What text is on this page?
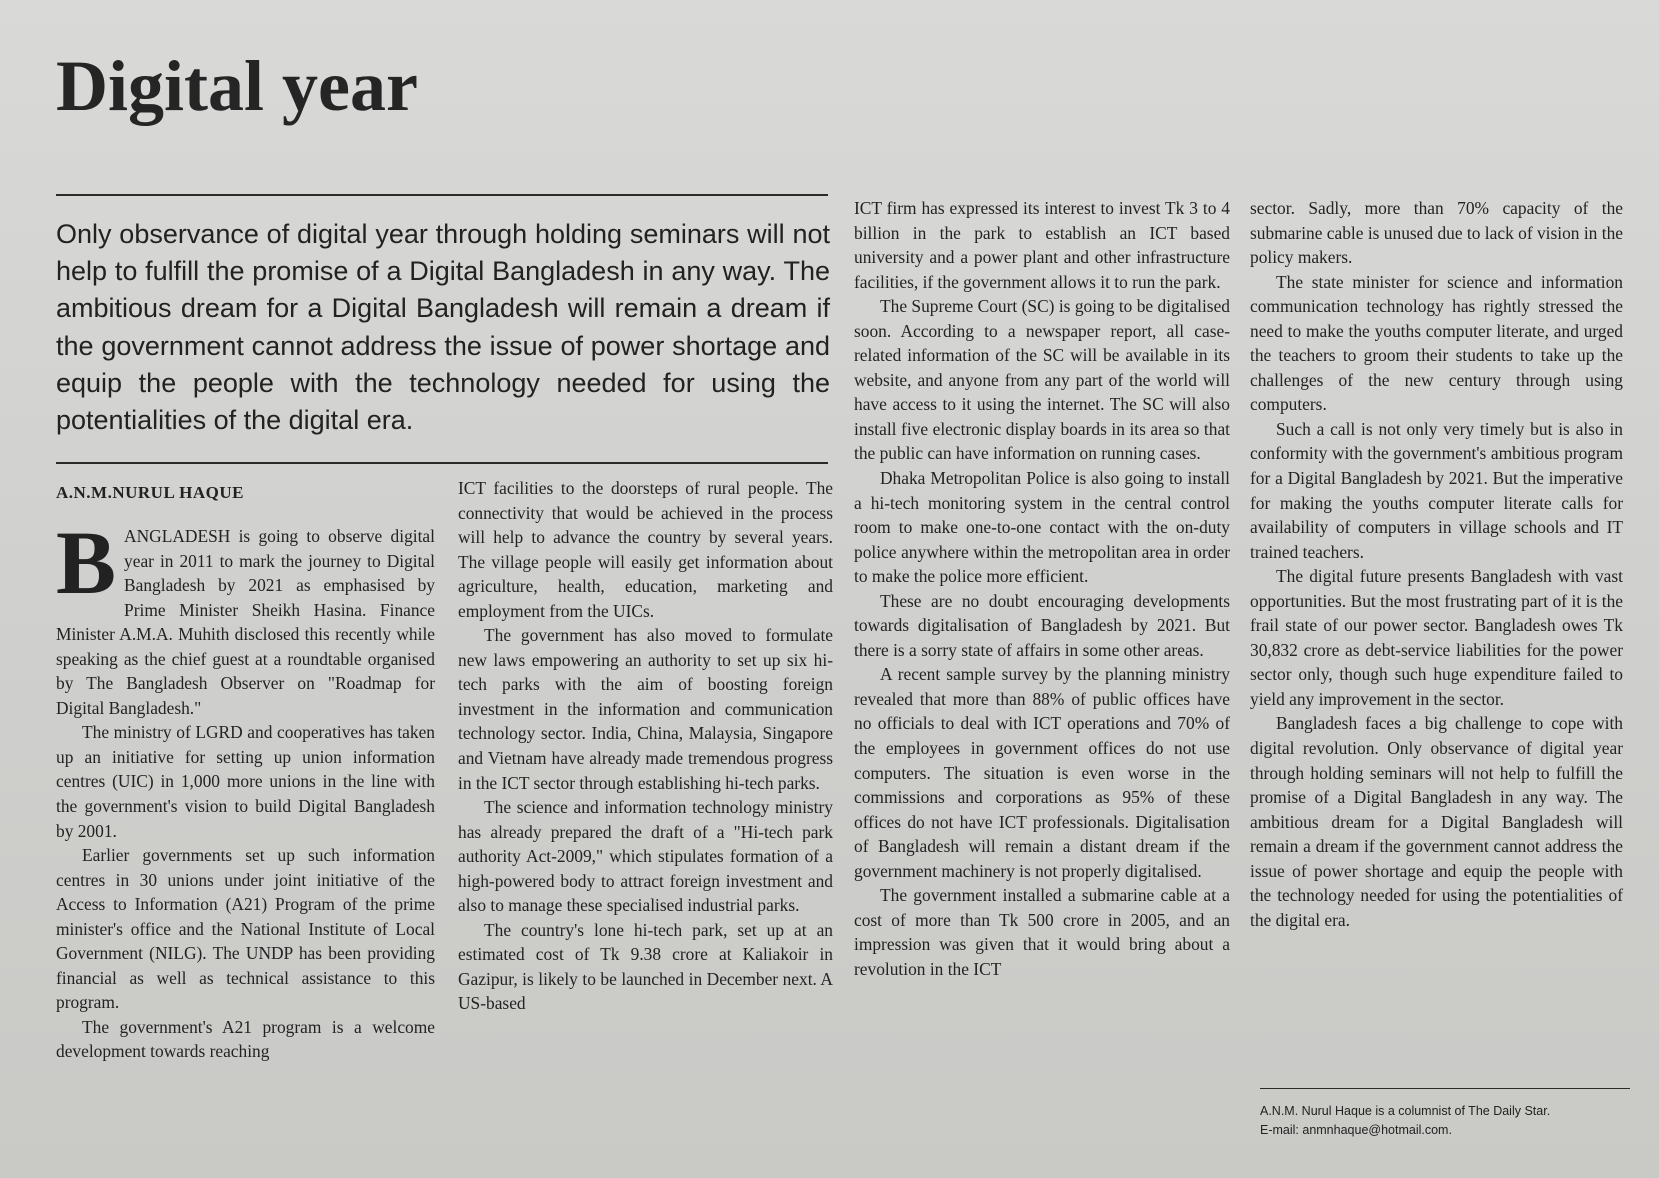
Digital year
Only observance of digital year through holding seminars will not help to fulfill the promise of a Digital Bangladesh in any way. The ambitious dream for a Digital Bangladesh will remain a dream if the government cannot address the issue of power shortage and equip the people with the technology needed for using the potentialities of the digital era.
A.N.M.NURUL HAQUE

BANGLADESH is going to observe digital year in 2011 to mark the journey to Digital Bangladesh by 2021 as emphasised by Prime Minister Sheikh Hasina. Finance Minister A.M.A. Muhith disclosed this recently while speaking as the chief guest at a roundtable organised by The Bangladesh Observer on "Roadmap for Digital Bangladesh."

The ministry of LGRD and cooperatives has taken up an initiative for setting up union information centres (UIC) in 1,000 more unions in the line with the government's vision to build Digital Bangladesh by 2001.

Earlier governments set up such information centres in 30 unions under joint initiative of the Access to Information (A21) Program of the prime minister's office and the National Institute of Local Government (NILG). The UNDP has been providing financial as well as technical assistance to this program.

The government's A21 program is a welcome development towards reaching

ICT facilities to the doorsteps of rural people. The connectivity that would be achieved in the process will help to advance the country by several years. The village people will easily get information about agriculture, health, education, marketing and employment from the UICs.

The government has also moved to formulate new laws empowering an authority to set up six hi-tech parks with the aim of boosting foreign investment in the information and communication technology sector. India, China, Malaysia, Singapore and Vietnam have already made tremendous progress in the ICT sector through establishing hi-tech parks.

The science and information technology ministry has already prepared the draft of a "Hi-tech park authority Act-2009," which stipulates formation of a high-powered body to attract foreign investment and also to manage these specialised industrial parks.

The country's lone hi-tech park, set up at an estimated cost of Tk 9.38 crore at Kaliakoir in Gazipur, is likely to be launched in December next. A US-based

ICT firm has expressed its interest to invest Tk 3 to 4 billion in the park to establish an ICT based university and a power plant and other infrastructure facilities, if the government allows it to run the park.

The Supreme Court (SC) is going to be digitalised soon. According to a newspaper report, all case-related information of the SC will be available in its website, and anyone from any part of the world will have access to it using the internet. The SC will also install five electronic display boards in its area so that the public can have information on running cases.

Dhaka Metropolitan Police is also going to install a hi-tech monitoring system in the central control room to make one-to-one contact with the on-duty police anywhere within the metropolitan area in order to make the police more efficient.

These are no doubt encouraging developments towards digitalisation of Bangladesh by 2021. But there is a sorry state of affairs in some other areas.

A recent sample survey by the planning ministry revealed that more than 88% of public offices have no officials to deal with ICT operations and 70% of the employees in government offices do not use computers. The situation is even worse in the commissions and corporations as 95% of these offices do not have ICT professionals. Digitalisation of Bangladesh will remain a distant dream if the government machinery is not properly digitalised.

The government installed a submarine cable at a cost of more than Tk 500 crore in 2005, and an impression was given that it would bring about a revolution in the ICT

sector. Sadly, more than 70% capacity of the submarine cable is unused due to lack of vision in the policy makers.

The state minister for science and information communication technology has rightly stressed the need to make the youths computer literate, and urged the teachers to groom their students to take up the challenges of the new century through using computers.

Such a call is not only very timely but is also in conformity with the government's ambitious program for a Digital Bangladesh by 2021. But the imperative for making the youths computer literate calls for availability of computers in village schools and IT trained teachers.

The digital future presents Bangladesh with vast opportunities. But the most frustrating part of it is the frail state of our power sector. Bangladesh owes Tk 30,832 crore as debt-service liabilities for the power sector only, though such huge expenditure failed to yield any improvement in the sector.

Bangladesh faces a big challenge to cope with digital revolution. Only observance of digital year through holding seminars will not help to fulfill the promise of a Digital Bangladesh in any way. The ambitious dream for a Digital Bangladesh will remain a dream if the government cannot address the issue of power shortage and equip the people with the technology needed for using the potentialities of the digital era.

A.N.M. Nurul Haque is a columnist of The Daily Star.

E-mail: anmnhaque@hotmail.com.
